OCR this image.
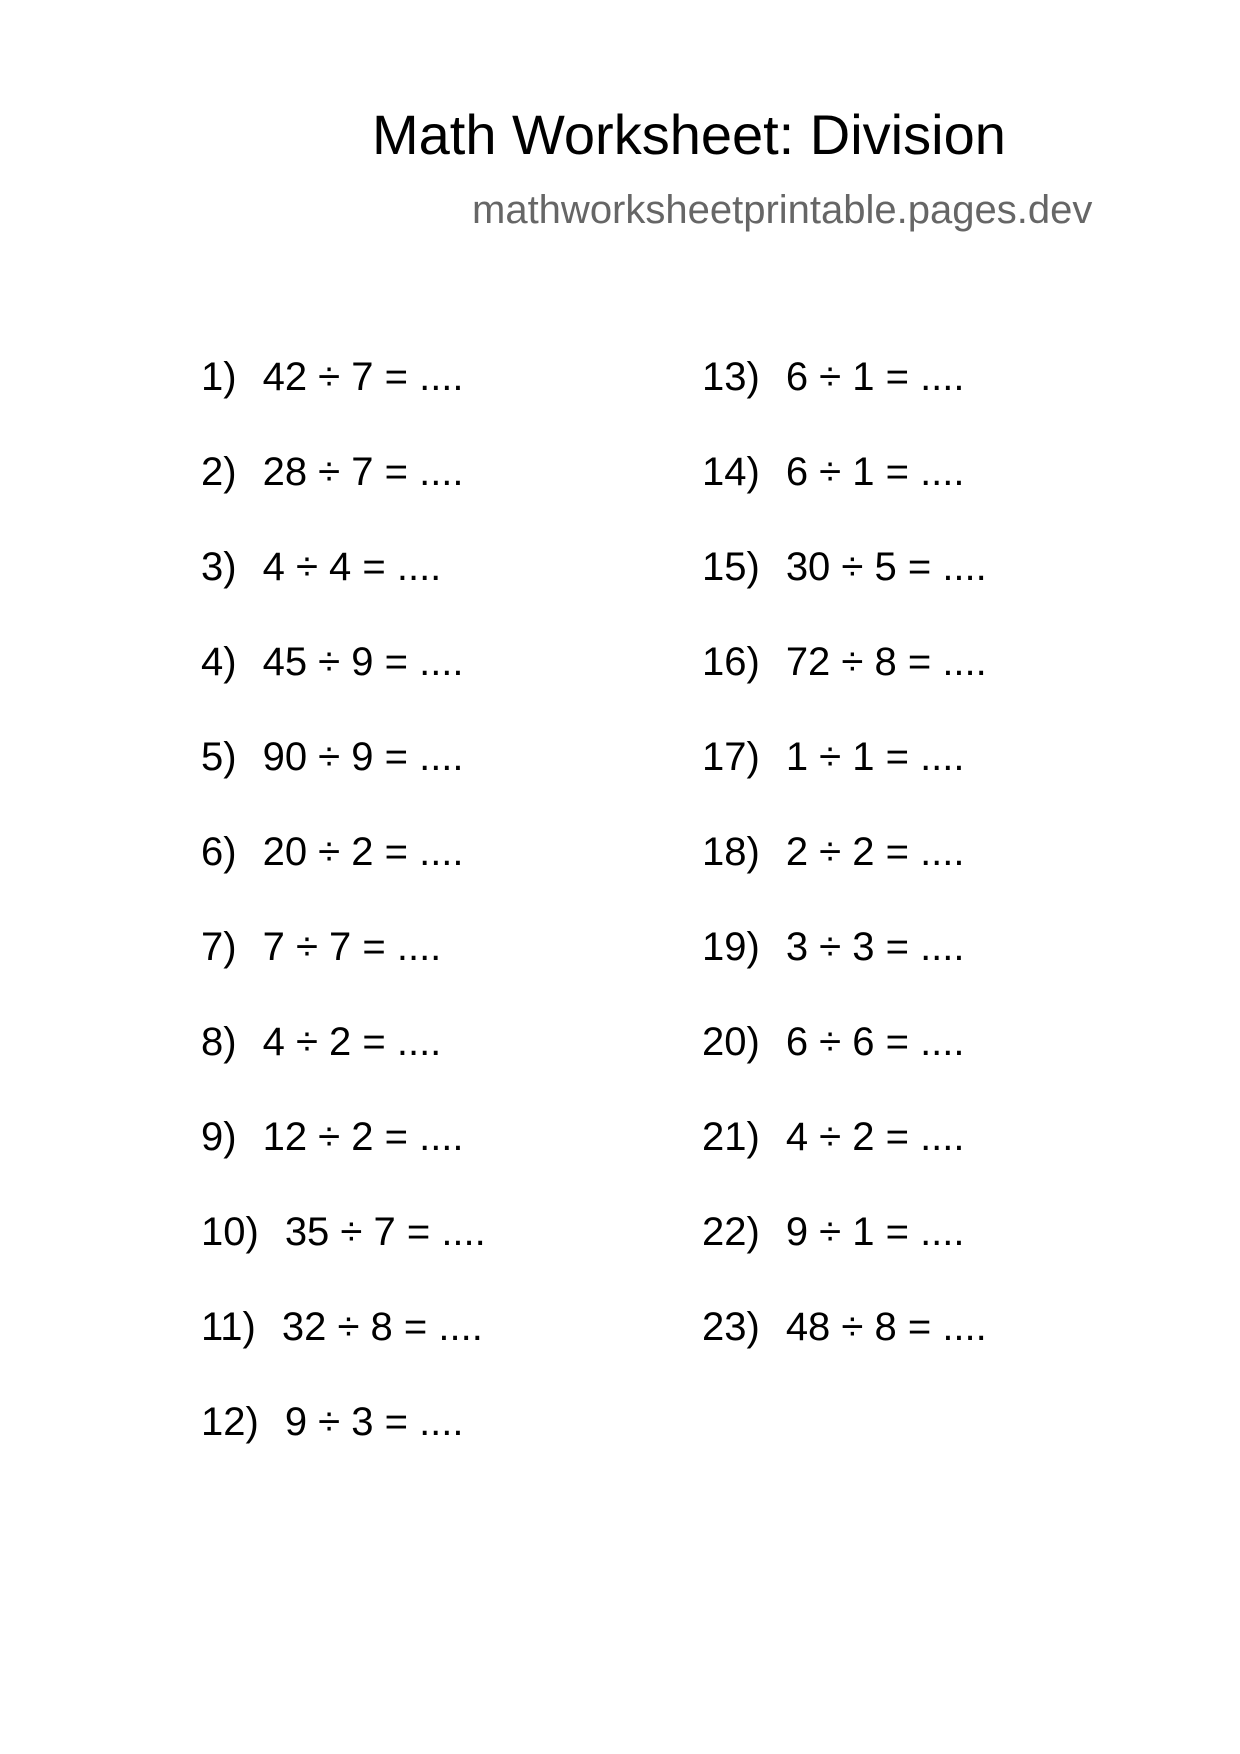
Math Worksheet: Division
mathworksheetprintable.pages.dev
1) 42 ÷ 7 = ....
2) 28 ÷ 7 = ....
3) 4 ÷ 4 = ....
4) 45 ÷ 9 = ....
5) 90 ÷ 9 = ....
6) 20 ÷ 2 = ....
7) 7 ÷ 7 = ....
8) 4 ÷ 2 = ....
9) 12 ÷ 2 = ....
10) 35 ÷ 7 = ....
11) 32 ÷ 8 = ....
12) 9 ÷ 3 = ....
13) 6 ÷ 1 = ....
14) 6 ÷ 1 = ....
15) 30 ÷ 5 = ....
16) 72 ÷ 8 = ....
17) 1 ÷ 1 = ....
18) 2 ÷ 2 = ....
19) 3 ÷ 3 = ....
20) 6 ÷ 6 = ....
21) 4 ÷ 2 = ....
22) 9 ÷ 1 = ....
23) 48 ÷ 8 = ....
